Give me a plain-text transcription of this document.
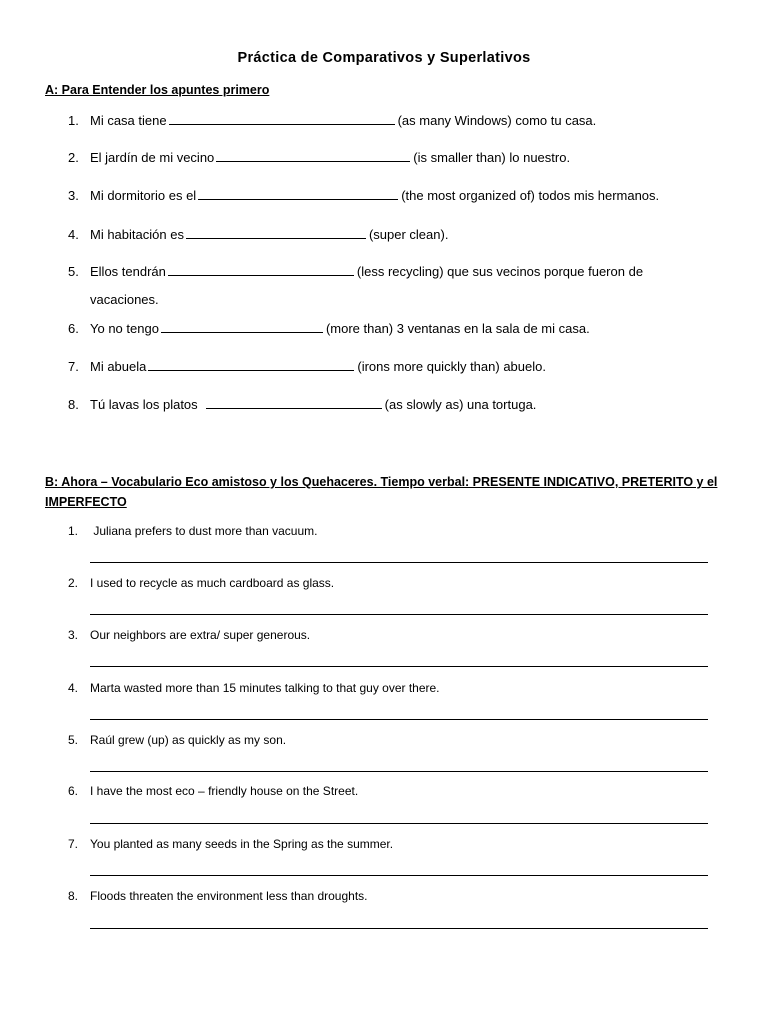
Práctica de Comparativos y Superlativos
A: Para Entender los apuntes primero
1. Mi casa tiene	(as many Windows) como tu casa.
2. El jardín de mi vecino	(is smaller than) lo nuestro.
3. Mi dormitorio es el	(the most organized of) todos mis hermanos.
4. Mi habitación es	(super clean).
5. Ellos tendrán	(less recycling) que sus vecinos porque fueron de
vacaciones.
6. Yo no tengo	(more than) 3 ventanas en la sala de mi casa.
7. Mi abuela	(irons more quickly than) abuelo.
8. Tú lavas los platos	(as slowly as) una tortuga.
B: Ahora – Vocabulario Eco amistoso y los Quehaceres. Tiempo verbal: PRESENTE INDICATIVO, PRETERITO y el IMPERFECTO
1. Juliana prefers to dust more than vacuum.
2. I used to recycle as much cardboard as glass.
3. Our neighbors are extra/ super generous.
4. Marta wasted more than 15 minutes talking to that guy over there.
5. Raúl grew (up) as quickly as my son.
6. I have the most eco – friendly house on the Street.
7. You planted as many seeds in the Spring as the summer.
8. Floods threaten the environment less than droughts.
